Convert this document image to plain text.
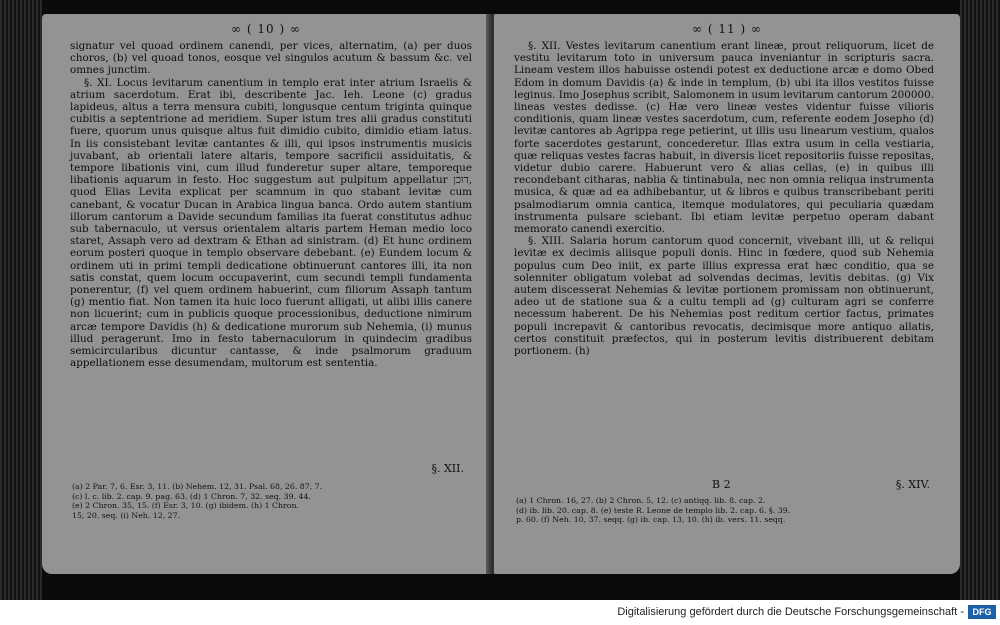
∞ ( 10 ) ∞

signatur vel quoad ordinem canendi, per vices, alternatim, (a) per duos choros, (b) vel quoad tonos, eosque vel singulos acutum & bassum &c. vel omnes junctim.

§. XI. Locus levitarum canentium in templo erat inter atrium Israelis & atrium sacerdotum. Erat ibi, describente Jac. Ieh. Leone (c) gradus lapideus, altus a terra mensura cubiti, longusque centum triginta quinque cubitis a septentrione ad meridiem. Super istum tres alii gradus constituti fuere, quorum unus quisque altus fuit dimidio cubito, dimidio etiam latus. In iis consistebant levitæ cantantes & illi, qui ipsos instrumentis musicis juvabant, ab orientali latere altaris, tempore sacrificii assiduitatis, & tempore libationis vini, cum illud funderetur super altare, temporeque libationis aquarum in festo. Hoc suggestum aut pulpitum appellatur דוכן, quod Elias Levita explicat per scamnum in quo stabant levitæ cum canebant, & vocatur Ducan in Arabica lingua banca. Ordo autem stantium illorum cantorum a Davide secundum familias ita fuerat constitutus adhuc sub tabernaculo, ut versus orientalem altaris partem Heman medio loco staret, Assaph vero ad dextram & Ethan ad sinistram. (d) Et hunc ordinem eorum posteri quoque in templo observare debebant. (e) Eundem locum & ordinem uti in primi templi dedicatione obtinuerunt cantores illi, ita non satis constat, quem locum occupaverint, cum secundi templi fundamenta ponerentur, (f) vel quem ordinem habuerint, cum filiorum Assaph tantum (g) mentio fiat. Non tamen ita huic loco fuerunt alligati, ut alibi illis canere non licuerint; cum in publicis quoque processionibus, deductione nimirum arcæ tempore Davidis (h) & dedicatione murorum sub Nehemia, (i) munus illud peragerunt. Imo in festo tabernaculorum in quindecim gradibus semicircularibus dicuntur cantasse, & inde psalmorum graduum appellationem esse desumendam, multorum est sententia.

§. XII.
(a) 2 Par. 7, 6. Esr. 3, 11. (b) Nehem. 12, 31. Psal. 68, 26. 87, 7.
(c) l. c. lib. 2. cap. 9. pag. 63. (d) 1 Chron. 7, 32. seq. 39. 44.
(e) 2 Chron. 35, 15. (f) Esr. 3, 10. (g) ibidem. (h) 1 Chron.
15, 20. seq. (i) Neh. 12, 27.
∞ ( 11 ) ∞

§. XII. Vestes levitarum canentium erant lineæ, prout reliquorum, licet de vestitu levitarum toto in universum pauca inveniantur in scripturis sacra. Lineam vestem illos habuisse ostendi potest ex deductione arcæ e domo Obed Edom in domum Davidis (a) & inde in templum, (b) ubi ita illos vestitos fuisse leginus. Imo Josephus scribit, Salomonem in usum levitarum cantorum 200000. lineas vestes dedisse. (c) Hæ vero lineæ vestes videntur fuisse vilioris conditionis, quam lineæ vestes sacerdotum, cum, referente eodem Josepho (d) levitæ cantores ab Agrippa rege petierint, ut illis usu linearum vestium, qualos forte sacerdotes gestarunt, concederetur. Illas extra usum in cella vestiaria, quæ reliquas vestes facras habuit, in diversis licet repositoriis fuisse repositas, videtur dubio carere. Habuerunt vero & alias cellas, (e) in quibus illi recondebant citharas, nablia & tintinabula, nec non omnia reliqua instrumenta musica, & quæ ad ea adhibebantur, ut & libros e quibus transcribebant periti psalmodiarum omnia cantica, itemque modulatores, qui peculiaria quædam instrumenta pulsare sciebant. Ibi etiam levitæ perpetuo operam dabant memorato canendi exercitio.

§. XIII. Salaria horum cantorum quod concernit, vivebant illi, ut & reliqui levitæ ex decimis aliisque populi donis. Hinc in fœdere, quod sub Nehemia populus cum Deo iniit, ex parte illius expressa erat hæc conditio, qua se solenniter obligatum volebat ad solvendas decimas, levitis debitas. (g) Vix autem discesserat Nehemias & levitæ portionem promissam non obtinuerunt, adeo ut de statione sua & a cultu templi ad (g) culturam agri se conferre necessum haberent. De his Nehemias post reditum certior factus, primates populi increpavit & cantoribus revocatis, decimisque more antiquo allatis, certos constituit præfectos, qui in posterum levitis distribuerent debitam portionem. (h)

B 2	§. XIV.
(a) 1 Chron. 16, 27. (b) 2 Chron. 5, 12. (c) antiqq. lib. 8. cap. 2.
(d) ib. lib. 20. cap. 8. (e) teste R. Leone de templo lib. 2. cap. 6. §. 39.
p. 60. (f) Neh. 10, 37. seqq. (g) ib. cap. 13, 10. (h) ib. vers. 11. seqq.
Digitalisierung gefördert durch die Deutsche Forschungsgemeinschaft - DFG
